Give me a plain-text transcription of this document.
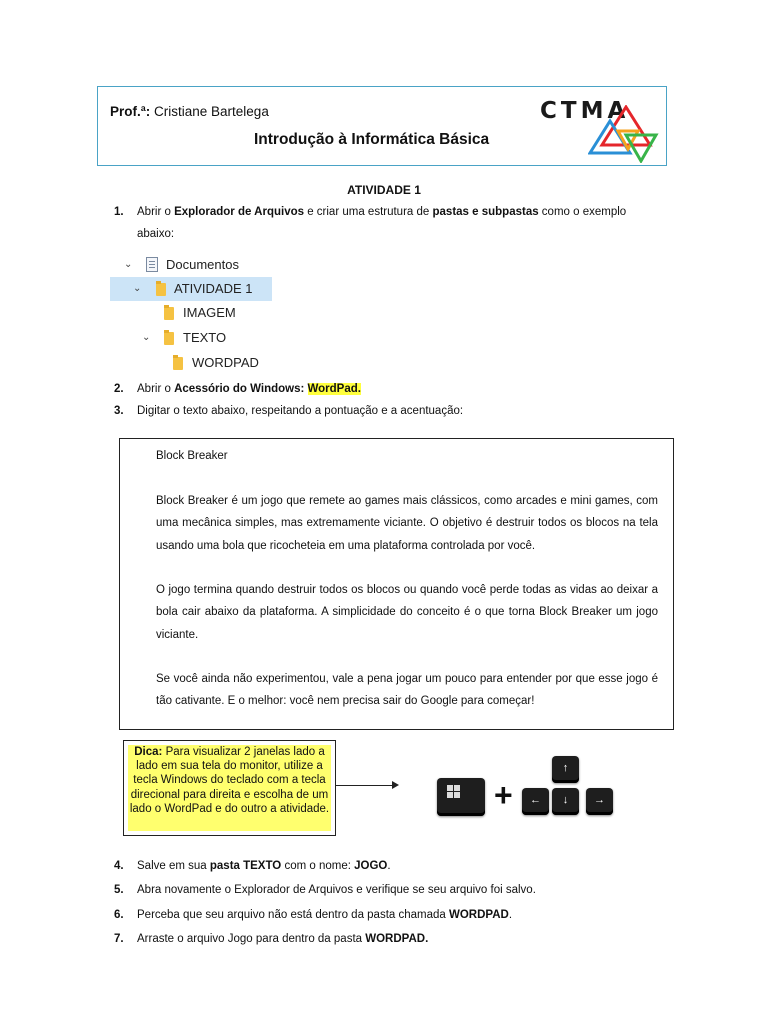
Prof.ª: Cristiane Bartelega
Introdução à Informática Básica
CTMA
ATIVIDADE 1
1. Abrir o Explorador de Arquivos e criar uma estrutura de pastas e subpastas como o exemplo
abaixo:
⌄	Documentos
⌄	ATIVIDADE 1
IMAGEM
⌄	TEXTO
WORDPAD
2. Abrir o Acessório do Windows: WordPad.
3. Digitar o texto abaixo, respeitando a pontuação e a acentuação:
Block Breaker
Block Breaker é um jogo que remete ao games mais clássicos, como arcades e mini games, com uma mecânica simples, mas extremamente viciante. O objetivo é destruir todos os blocos na tela usando uma bola que ricocheteia em uma plataforma controlada por você.
O jogo termina quando destruir todos os blocos ou quando você perde todas as vidas ao deixar a bola cair abaixo da plataforma. A simplicidade do conceito é o que torna Block Breaker um jogo viciante.
Se você ainda não experimentou, vale a pena jogar um pouco para entender por que esse jogo é tão cativante. E o melhor: você nem precisa sair do Google para começar!
Dica: Para visualizar 2 janelas lado a lado em sua tela do monitor, utilize a tecla Windows do teclado com a tecla direcional para direita e escolha de um lado o WordPad e do outro a atividade.	+
↑
←	↓	→
4. Salve em sua pasta TEXTO com o nome: JOGO.
5. Abra novamente o Explorador de Arquivos e verifique se seu arquivo foi salvo.
6. Perceba que seu arquivo não está dentro da pasta chamada WORDPAD.
7. Arraste o arquivo Jogo para dentro da pasta WORDPAD.
